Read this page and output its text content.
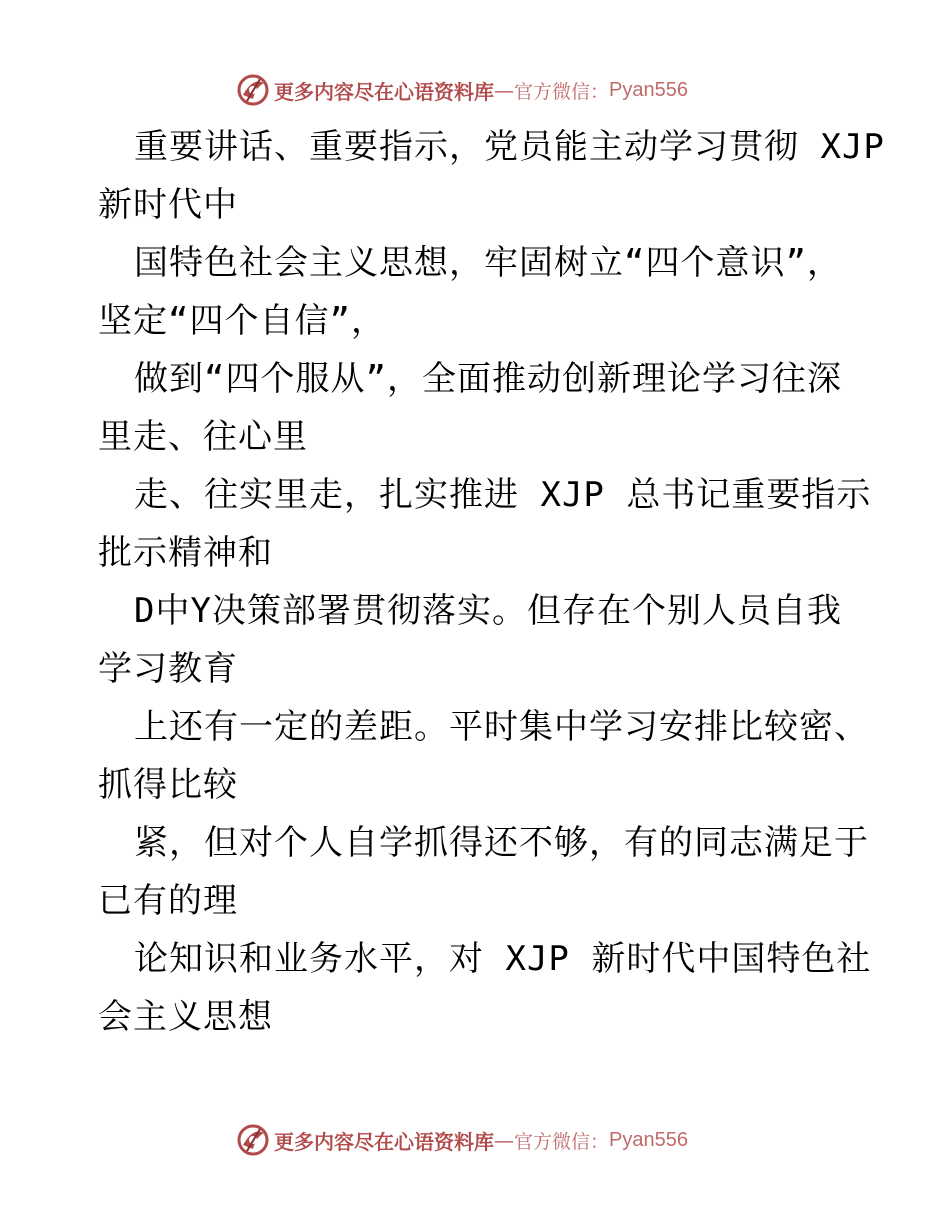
更多内容尽在心语资料库 — 官方微信： Pyan556
重要讲话、重要指示，党员能主动学习贯彻 XJP
新时代中
国特色社会主义思想，牢固树立“四个意识”，
坚定“四个自信”，
做到“四个服从”，全面推动创新理论学习往深
里走、往心里
走、往实里走，扎实推进 XJP 总书记重要指示
批示精神和
D中Y决策部署贯彻落实。但存在个别人员自我
学习教育
上还有一定的差距。平时集中学习安排比较密、
抓得比较
紧，但对个人自学抓得还不够，有的同志满足于
已有的理
论知识和业务水平，对 XJP 新时代中国特色社
会主义思想
更多内容尽在心语资料库 — 官方微信： Pyan556
